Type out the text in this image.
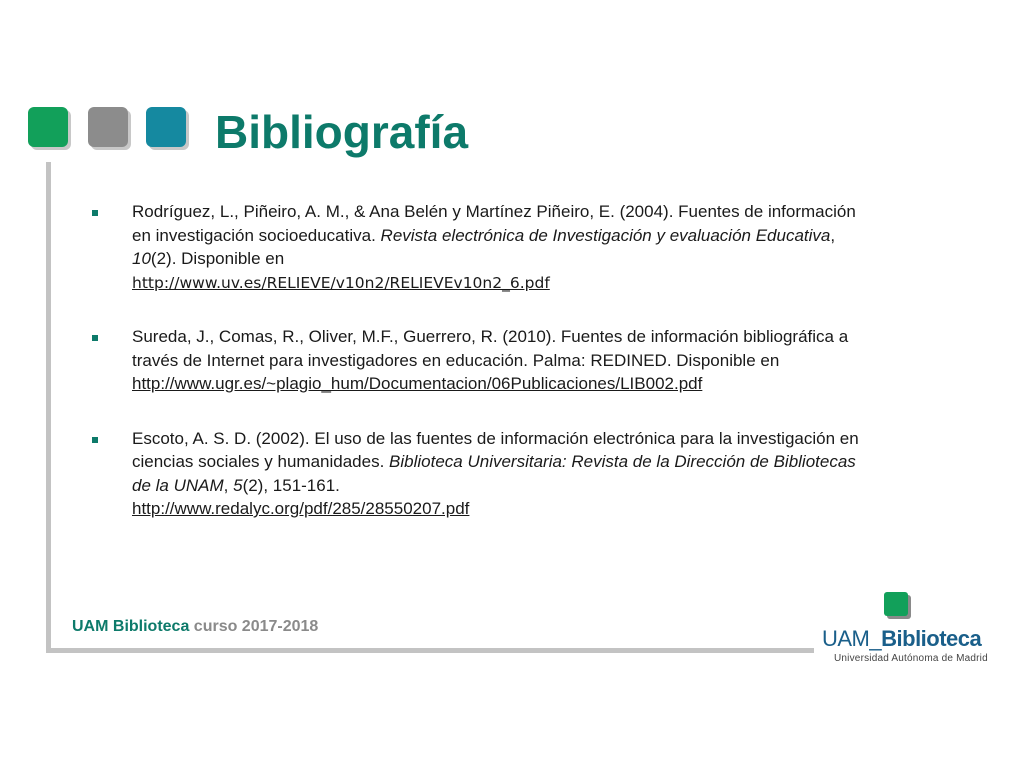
Bibliografía
Rodríguez, L., Piñeiro, A. M., & Ana Belén y Martínez Piñeiro, E. (2004). Fuentes de información en investigación socioeducativa. Revista electrónica de Investigación y evaluación Educativa, 10(2). Disponible en
http://www.uv.es/RELIEVE/v10n2/RELIEVEv10n2_6.pdf
Sureda, J., Comas, R., Oliver, M.F., Guerrero, R. (2010). Fuentes de información bibliográfica a través de Internet para investigadores en educación. Palma: REDINED. Disponible en
http://www.ugr.es/~plagio_hum/Documentacion/06Publicaciones/LIB002.pdf
Escoto, A. S. D. (2002). El uso de las fuentes de información electrónica para la investigación en ciencias sociales y humanidades. Biblioteca Universitaria: Revista de la Dirección de Bibliotecas de la UNAM, 5(2), 151-161.
http://www.redalyc.org/pdf/285/28550207.pdf
UAM Biblioteca curso 2017-2018	UAM_Biblioteca
Universidad Autónoma de Madrid
